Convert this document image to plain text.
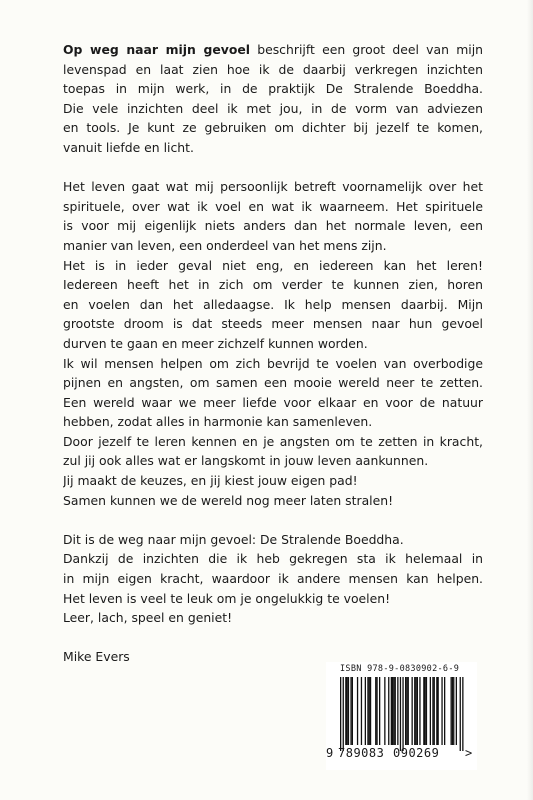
Op weg naar mijn gevoel beschrijft een groot deel van mijn
levenspad en laat zien hoe ik de daarbij verkregen inzichten
toepas in mijn werk, in de praktijk De Stralende Boeddha.
Die vele inzichten deel ik met jou, in de vorm van adviezen
en tools. Je kunt ze gebruiken om dichter bij jezelf te komen,
vanuit liefde en licht.
Het leven gaat wat mij persoonlijk betreft voornamelijk over het
spirituele, over wat ik voel en wat ik waarneem. Het spirituele
is voor mij eigenlijk niets anders dan het normale leven, een
manier van leven, een onderdeel van het mens zijn.
Het is in ieder geval niet eng, en iedereen kan het leren!
Iedereen heeft het in zich om verder te kunnen zien, horen
en voelen dan het alledaagse. Ik help mensen daarbij. Mijn
grootste droom is dat steeds meer mensen naar hun gevoel
durven te gaan en meer zichzelf kunnen worden.
Ik wil mensen helpen om zich bevrijd te voelen van overbodige
pijnen en angsten, om samen een mooie wereld neer te zetten.
Een wereld waar we meer liefde voor elkaar en voor de natuur
hebben, zodat alles in harmonie kan samenleven.
Door jezelf te leren kennen en je angsten om te zetten in kracht,
zul jij ook alles wat er langskomt in jouw leven aankunnen.
Jij maakt de keuzes, en jij kiest jouw eigen pad!
Samen kunnen we de wereld nog meer laten stralen!
Dit is de weg naar mijn gevoel: De Stralende Boeddha.
Dankzij de inzichten die ik heb gekregen sta ik helemaal in
in mijn eigen kracht, waardoor ik andere mensen kan helpen.
Het leven is veel te leuk om je ongelukkig te voelen!
Leer, lach, speel en geniet!
Mike Evers
ISBN 978-9-0830902-6-9
9 789083 090269 >
